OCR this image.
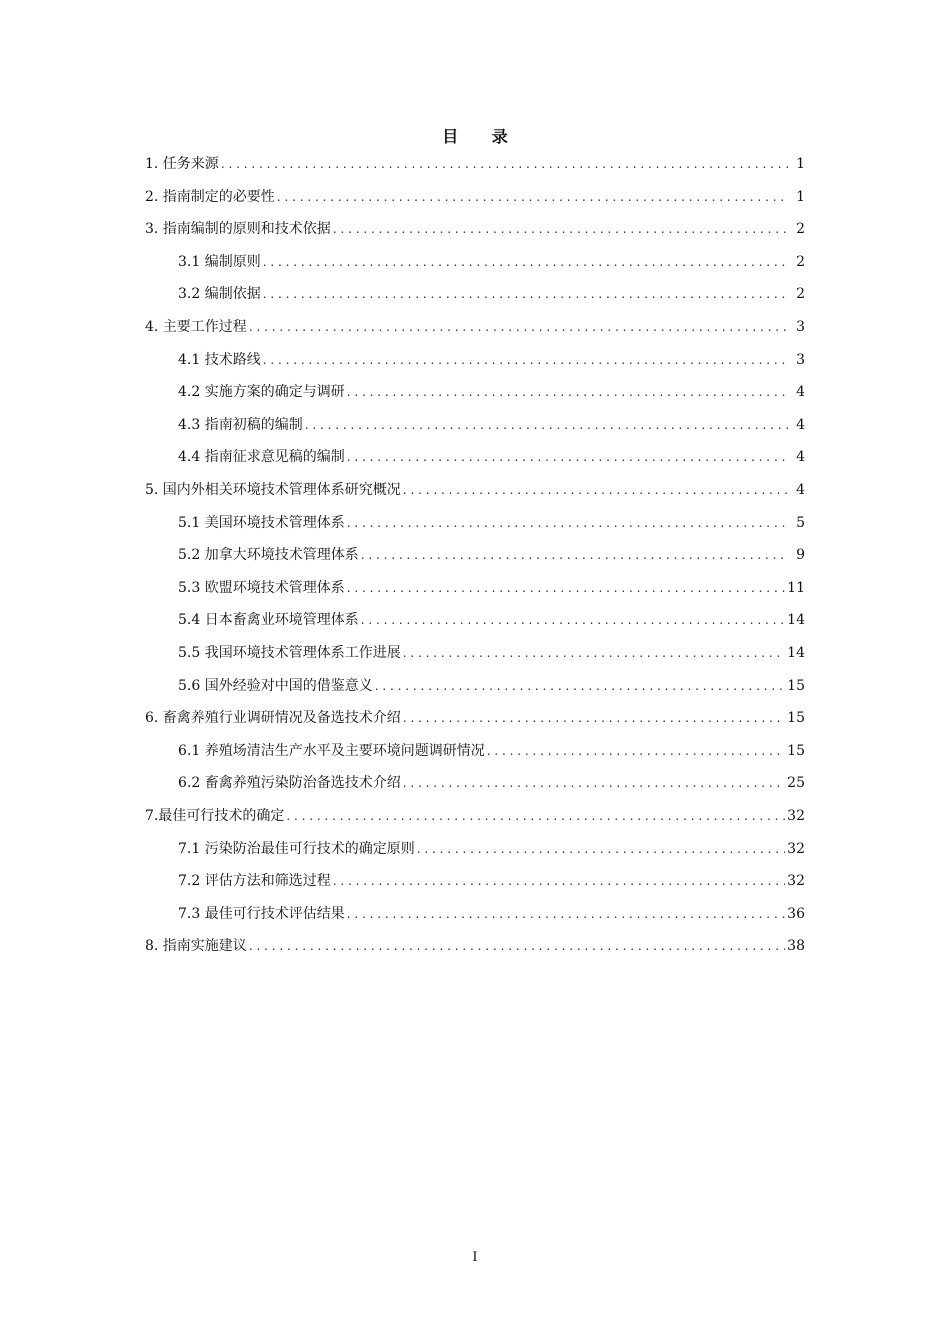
目 录
1. 任务来源 . . .	1
2. 指南制定的必要性 . . .	1
3. 指南编制的原则和技术依据 . . .	2
3.1 编制原则 . . .	2
3.2 编制依据 . . .	2
4. 主要工作过程 . . .	3
4.1 技术路线 . . .	3
4.2 实施方案的确定与调研 . . .	4
4.3 指南初稿的编制 . . .	4
4.4 指南征求意见稿的编制 . . .	4
5. 国内外相关环境技术管理体系研究概况 . . .	4
5.1 美国环境技术管理体系 . . .	5
5.2 加拿大环境技术管理体系 . . .	9
5.3 欧盟环境技术管理体系 . . .	11
5.4 日本畜禽业环境管理体系 . . .	14
5.5 我国环境技术管理体系工作进展 . . .	14
5.6 国外经验对中国的借鉴意义 . . .	15
6. 畜禽养殖行业调研情况及备选技术介绍 . . .	15
6.1 养殖场清洁生产水平及主要环境问题调研情况 . . .	15
6.2 畜禽养殖污染防治备选技术介绍 . . .	25
7.最佳可行技术的确定 . . .	32
7.1 污染防治最佳可行技术的确定原则 . . .	32
7.2 评估方法和筛选过程 . . .	32
7.3 最佳可行技术评估结果 . . .	36
8. 指南实施建议 . . .	38
I
